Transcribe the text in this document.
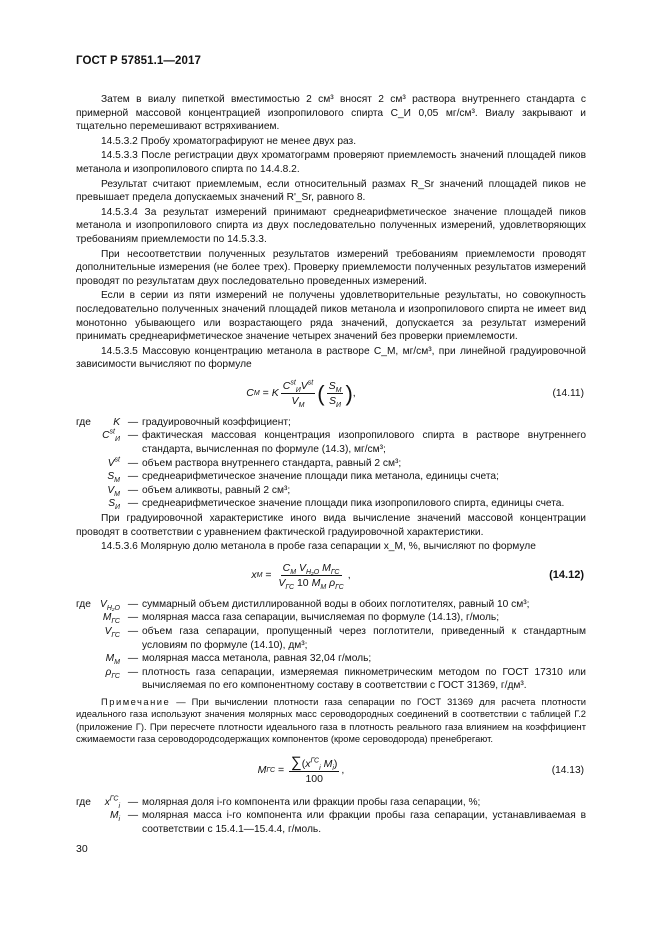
ГОСТ Р 57851.1—2017

Затем в виалу пипеткой вместимостью 2 см³ вносят 2 см³ раствора внутреннего стандарта с примерной массовой концентрацией изопропилового спирта C_И 0,05 мг/см³. Виалу закрывают и тщательно перемешивают встряхиванием.

14.5.3.2 Пробу хроматографируют не менее двух раз.

14.5.3.3 После регистрации двух хроматограмм проверяют приемлемость значений площадей пиков метанола и изопропилового спирта по 14.4.8.2.

Результат считают приемлемым, если относительный размах R_Sr значений площадей пиков не превышает предела допускаемых значений R'_Sr, равного 8.

14.5.3.4 За результат измерений принимают среднеарифметическое значение площадей пиков метанола и изопропилового спирта из двух последовательно полученных измерений, удовлетворяющих требованиям приемлемости по 14.5.3.3.

При несоответствии полученных результатов измерений требованиям приемлемости проводят дополнительные измерения (не более трех). Проверку приемлемости полученных результатов измерений проводят по результатам двух последовательно проведенных измерений.

Если в серии из пяти измерений не получены удовлетворительные результаты, но совокупность последовательно полученных значений площадей пиков метанола и изопропилового спирта не имеет вид монотонно убывающего или возрастающего ряда значений, допускается за результат измерений принимать среднеарифметическое значение четырех значений без проверки приемлемости.

14.5.3.5 Массовую концентрацию метанола в растворе C_М, мг/см³, при линейной градуировочной зависимости вычисляют по формуле

C М = K $\frac{C^{st}_ИV^{st}}{V_М}$ ( $\frac{S_М}{S_И}$ ) ,	(14.11)
где K — градуировочный коэффициент;
$Cst_И$ — фактическая массовая концентрация изопропилового спирта в растворе внутреннего стандарта, вычисленная по формуле (14.3), мг/см³;
Vst — объем раствора внутреннего стандарта, равный 2 см³;
$S_М$ — среднеарифметическое значение площади пика метанола, единицы счета;
$V_М$ — объем аликвоты, равный 2 см³;
$S_И$ — среднеарифметическое значение площади пика изопропилового спирта, единицы счета.

При градуировочной характеристике иного вида вычисление значений массовой концентрации проводят в соответствии с уравнением фактической градуировочной характеристики.

14.5.3.6 Молярную долю метанола в пробе газа сепарации x_М, %, вычисляют по формуле

x $М = \frac{C_М V_{H_2O} M_{ГС}}{V_{ГС} 10 M_М \rho_{ГС}}$ ,	(14.12)
где $V_{H_2O}$ — суммарный объем дистиллированной воды в обоих поглотителях, равный 10 см³;
$M_{ГС}$ — молярная масса газа сепарации, вычисляемая по формуле (14.13), г/моль;
$V_{ГС}$ — объем газа сепарации, пропущенный через поглотители, приведенный к стандартным условиям по формуле (14.10), дм³;
$M_М$ — молярная масса метанола, равная 32,04 г/моль;
$\rho_{ГС}$ — плотность газа сепарации, измеряемая пикнометрическим методом по ГОСТ 17310 или вычисляемая по его компонентному составу в соответствии с ГОСТ 31369, г/дм³.

Примечание — При вычислении плотности газа сепарации по ГОСТ 31369 для расчета плотности идеального газа используют значения молярных масс сероводородных соединений в соответствии с таблицей Г.2 (приложение Г). При пересчете плотности идеального газа в плотность реального газа влиянием на коэффициент сжимаемости газа сероводородсодержащих компонентов (кроме сероводорода) пренебрегают.

M ГС = $\frac{\sum(x^{ГС}_i M_i)}{100}$ ,	(14.13)
где $x^{ГС}_i$ — молярная доля i-го компонента или фракции пробы газа сепарации, %;
$M_i$ — молярная масса i-го компонента или фракции пробы газа сепарации, устанавливаемая в соответствии с 15.4.1—15.4.4, г/моль.
30
